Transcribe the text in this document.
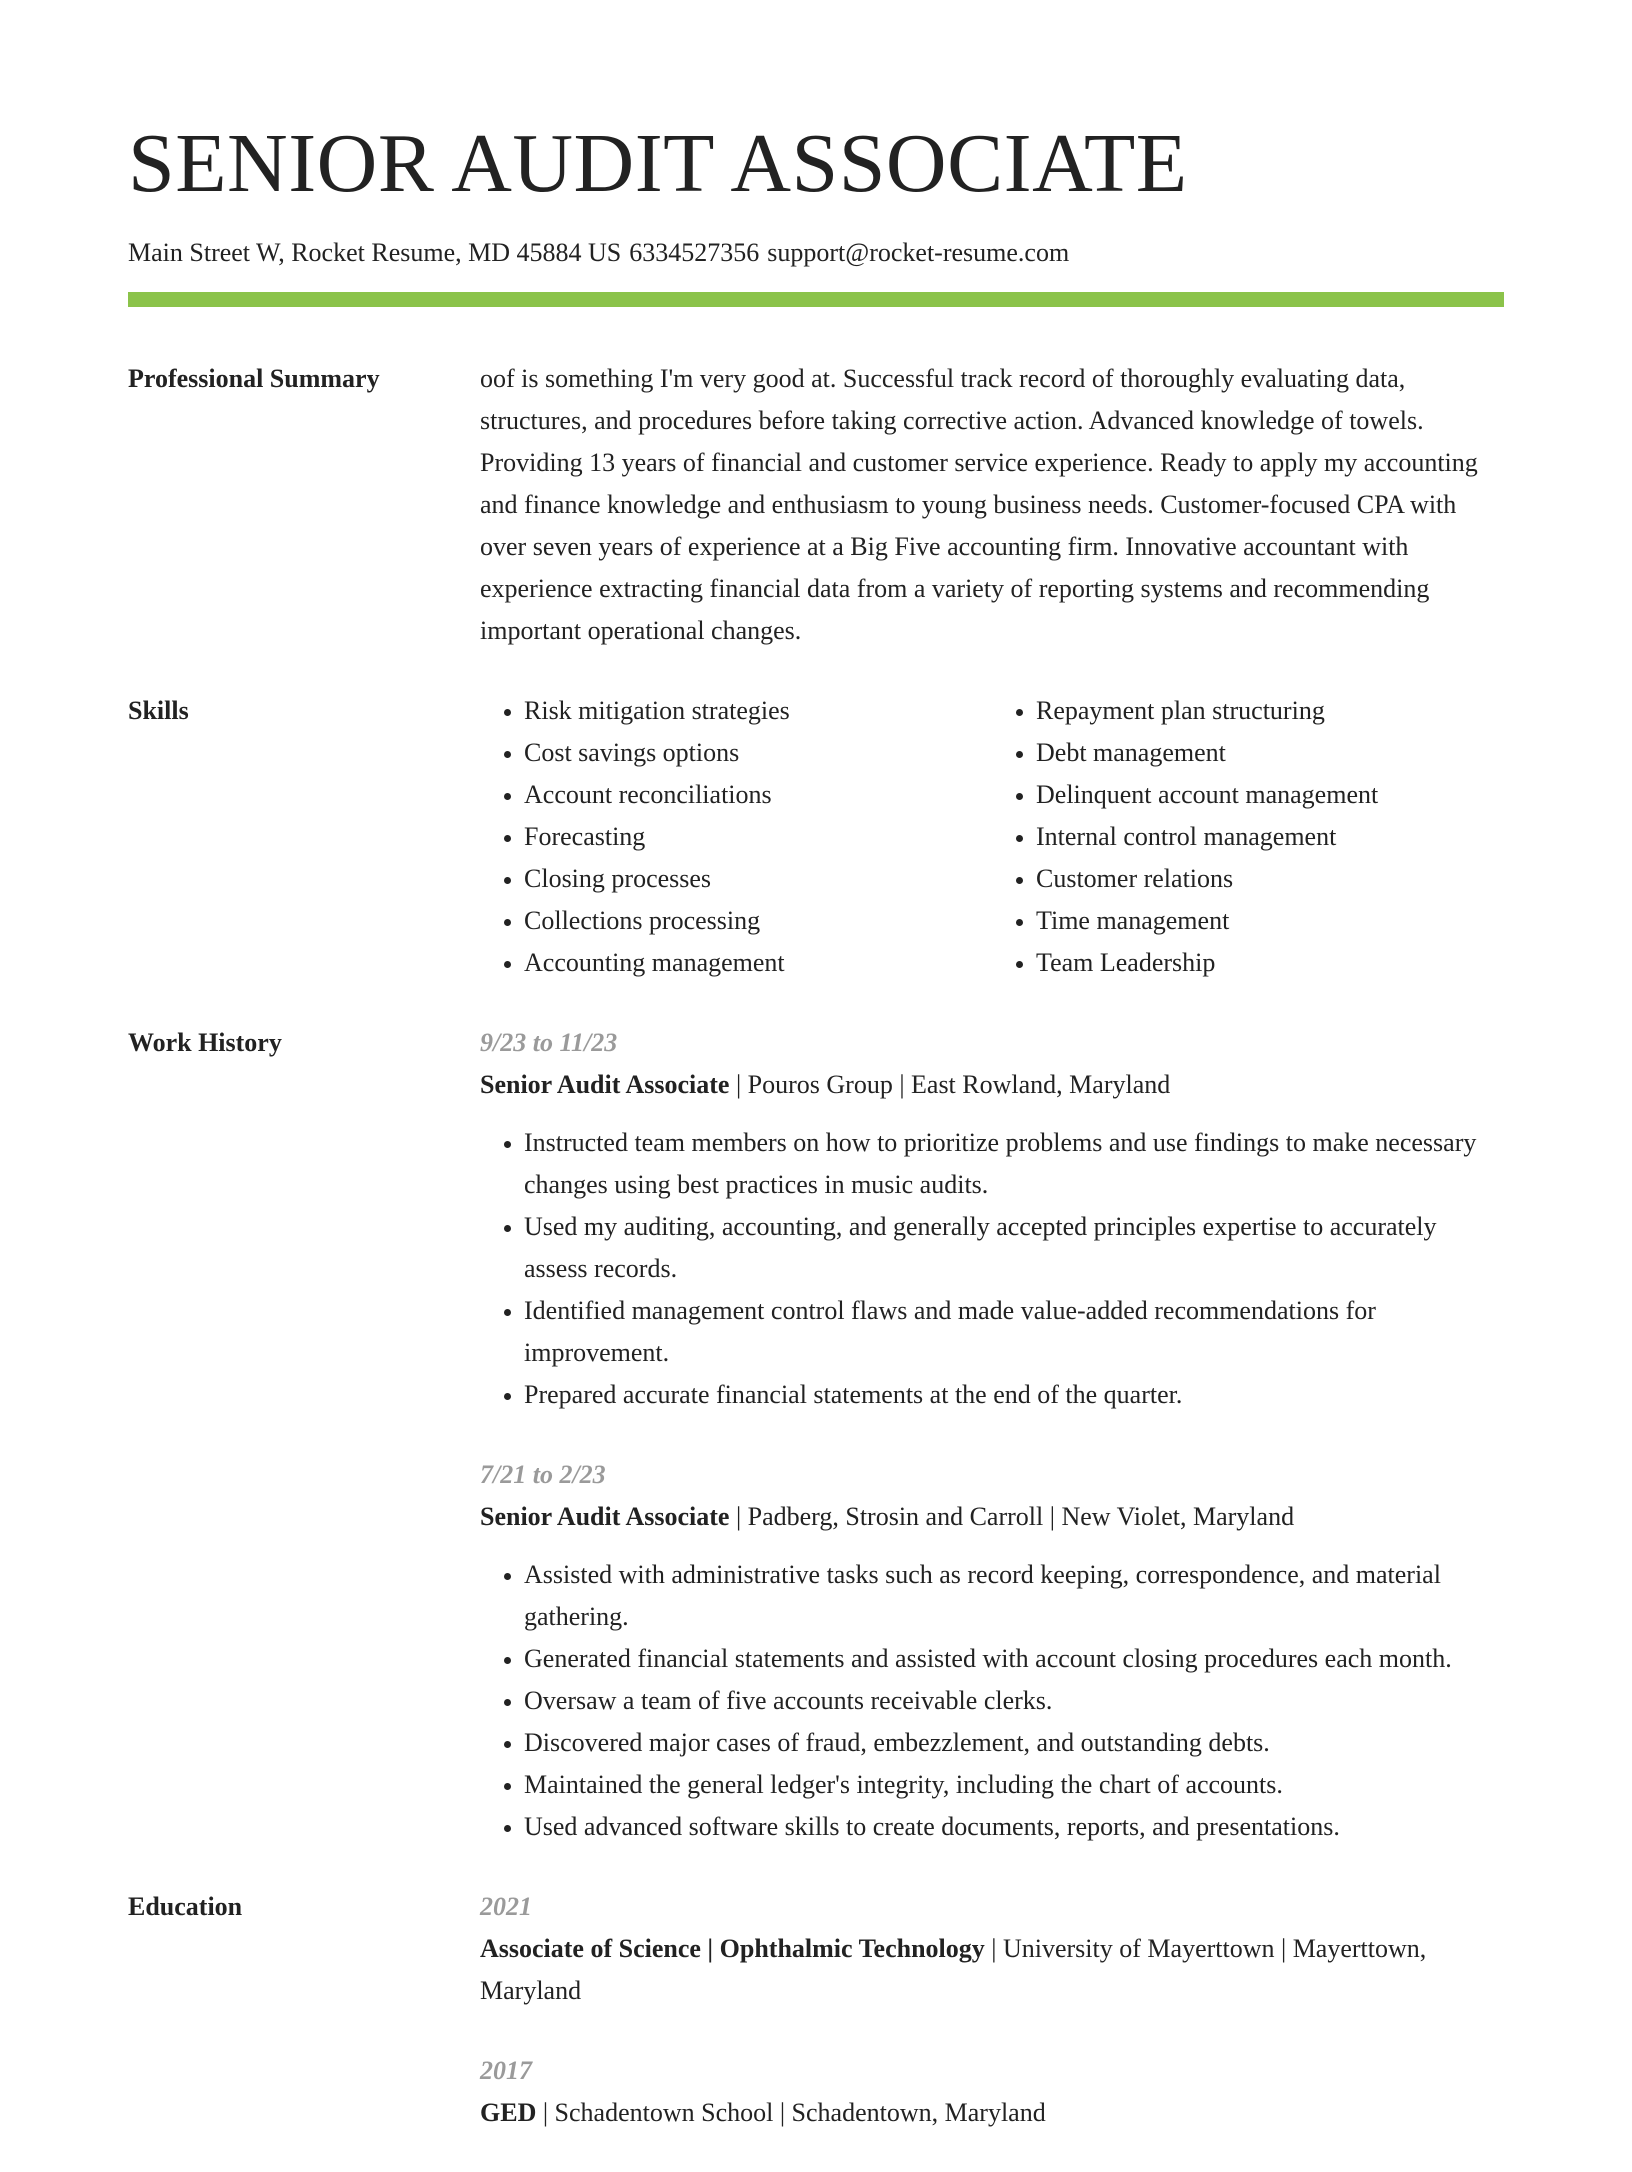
SENIOR AUDIT ASSOCIATE
Main Street W, Rocket Resume, MD 45884 US 6334527356 support@rocket-resume.com
Professional Summary	oof is something I'm very good at. Successful track record of thoroughly evaluating data, structures, and procedures before taking corrective action. Advanced knowledge of towels. Providing 13 years of financial and customer service experience. Ready to apply my accounting and finance knowledge and enthusiasm to young business needs. Customer-focused CPA with over seven years of experience at a Big Five accounting firm. Innovative accountant with experience extracting financial data from a variety of reporting systems and recommending important operational changes.

Skills
•	Risk mitigation strategies
• Cost savings options
• Account reconciliations
• Forecasting
• Closing processes
• Collections processing
• Accounting management
• Repayment plan structuring
• Debt management
• Delinquent account management
• Internal control management
• Customer relations
• Time management
• Team Leadership
Work History	9/23 to 11/23
Senior Audit Associate | Pouros Group | East Rowland, Maryland
• Instructed team members on how to prioritize problems and use findings to make necessary changes using best practices in music audits.
• Used my auditing, accounting, and generally accepted principles expertise to accurately assess records.
• Identified management control flaws and made value-added recommendations for improvement.
• Prepared accurate financial statements at the end of the quarter.
7/21 to 2/23
Senior Audit Associate | Padberg, Strosin and Carroll | New Violet, Maryland
• Assisted with administrative tasks such as record keeping, correspondence, and material gathering.
• Generated financial statements and assisted with account closing procedures each month.
• Oversaw a team of five accounts receivable clerks.
• Discovered major cases of fraud, embezzlement, and outstanding debts.
• Maintained the general ledger's integrity, including the chart of accounts.
• Used advanced software skills to create documents, reports, and presentations.
Education	2021
Associate of Science | Ophthalmic Technology | University of Mayerttown | Mayerttown, Maryland
2017
GED | Schadentown School | Schadentown, Maryland
